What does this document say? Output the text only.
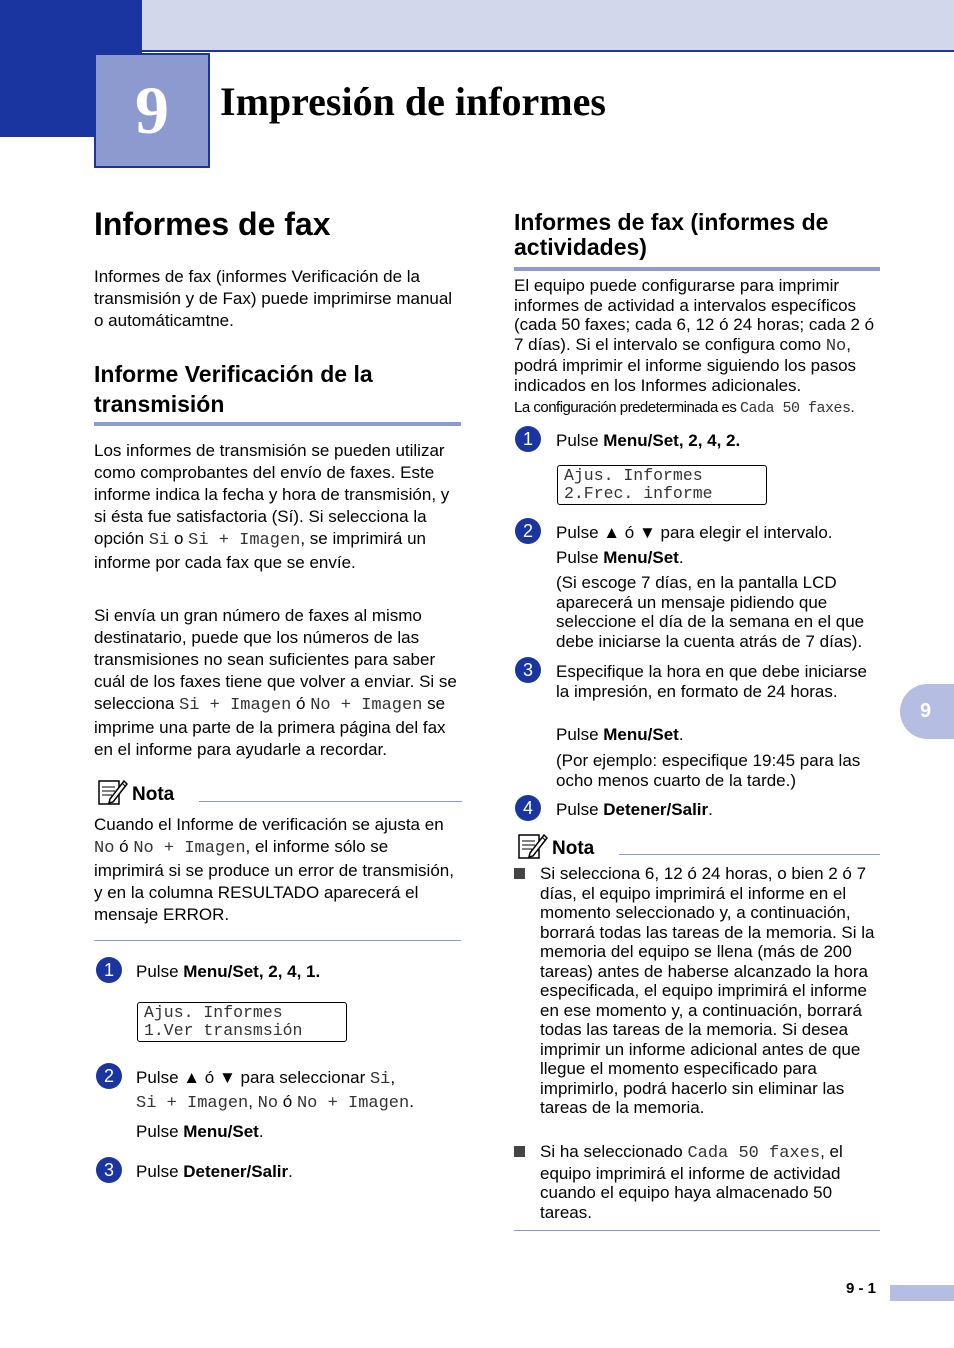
9 Impresión de informes
9
Informes de fax
Informes de fax (informes Verificación de la transmisión y de Fax) puede imprimirse manual o automáticamtne.
Informe Verificación de la
transmisión
Los informes de transmisión se pueden utilizar como comprobantes del envío de faxes. Este informe indica la fecha y hora de transmisión, y si ésta fue satisfactoria (Sí). Si selecciona la opción Si o Si + Imagen, se imprimirá un informe por cada fax que se envíe.
Si envía un gran número de faxes al mismo destinatario, puede que los números de las transmisiones no sean suficientes para saber cuál de los faxes tiene que volver a enviar. Si se selecciona Si + Imagen ó No + Imagen se imprime una parte de la primera página del fax en el informe para ayudarle a recordar.
Nota
Cuando el Informe de verificación se ajusta en No ó No + Imagen, el informe sólo se imprimirá si se produce un error de transmisión, y en la columna RESULTADO aparecerá el mensaje ERROR.
1	Pulse Menu/Set, 2, 4, 1.
Ajus. Informes
1.Ver transmsión
2	Pulse ▲ ó ▼ para seleccionar Si,
Si + Imagen, No ó No + Imagen.
Pulse Menu/Set.
3	Pulse Detener/Salir.
Informes de fax (informes de
actividades)
El equipo puede configurarse para imprimir informes de actividad a intervalos específicos (cada 50 faxes; cada 6, 12 ó 24 horas; cada 2 ó 7 días). Si el intervalo se configura como No, podrá imprimir el informe siguiendo los pasos indicados en los Informes adicionales.
La configuración predeterminada es Cada 50 faxes.
1	Pulse Menu/Set, 2, 4, 2.
Ajus. Informes
2.Frec. informe
2	Pulse ▲ ó ▼ para elegir el intervalo.
Pulse Menu/Set.
(Si escoge 7 días, en la pantalla LCD aparecerá un mensaje pidiendo que seleccione el día de la semana en el que debe iniciarse la cuenta atrás de 7 días).
3	Especifique la hora en que debe iniciarse la impresión, en formato de 24 horas.
Pulse Menu/Set.
(Por ejemplo: especifique 19:45 para las ocho menos cuarto de la tarde.)
4	Pulse Detener/Salir.
Nota
Si selecciona 6, 12 ó 24 horas, o bien 2 ó 7 días, el equipo imprimirá el informe en el momento seleccionado y, a continuación, borrará todas las tareas de la memoria. Si la memoria del equipo se llena (más de 200 tareas) antes de haberse alcanzado la hora especificada, el equipo imprimirá el informe en ese momento y, a continuación, borrará todas las tareas de la memoria. Si desea imprimir un informe adicional antes de que llegue el momento especificado para imprimirlo, podrá hacerlo sin eliminar las tareas de la memoria.
Si ha seleccionado Cada 50 faxes, el equipo imprimirá el informe de actividad cuando el equipo haya almacenado 50 tareas.
9 - 1
